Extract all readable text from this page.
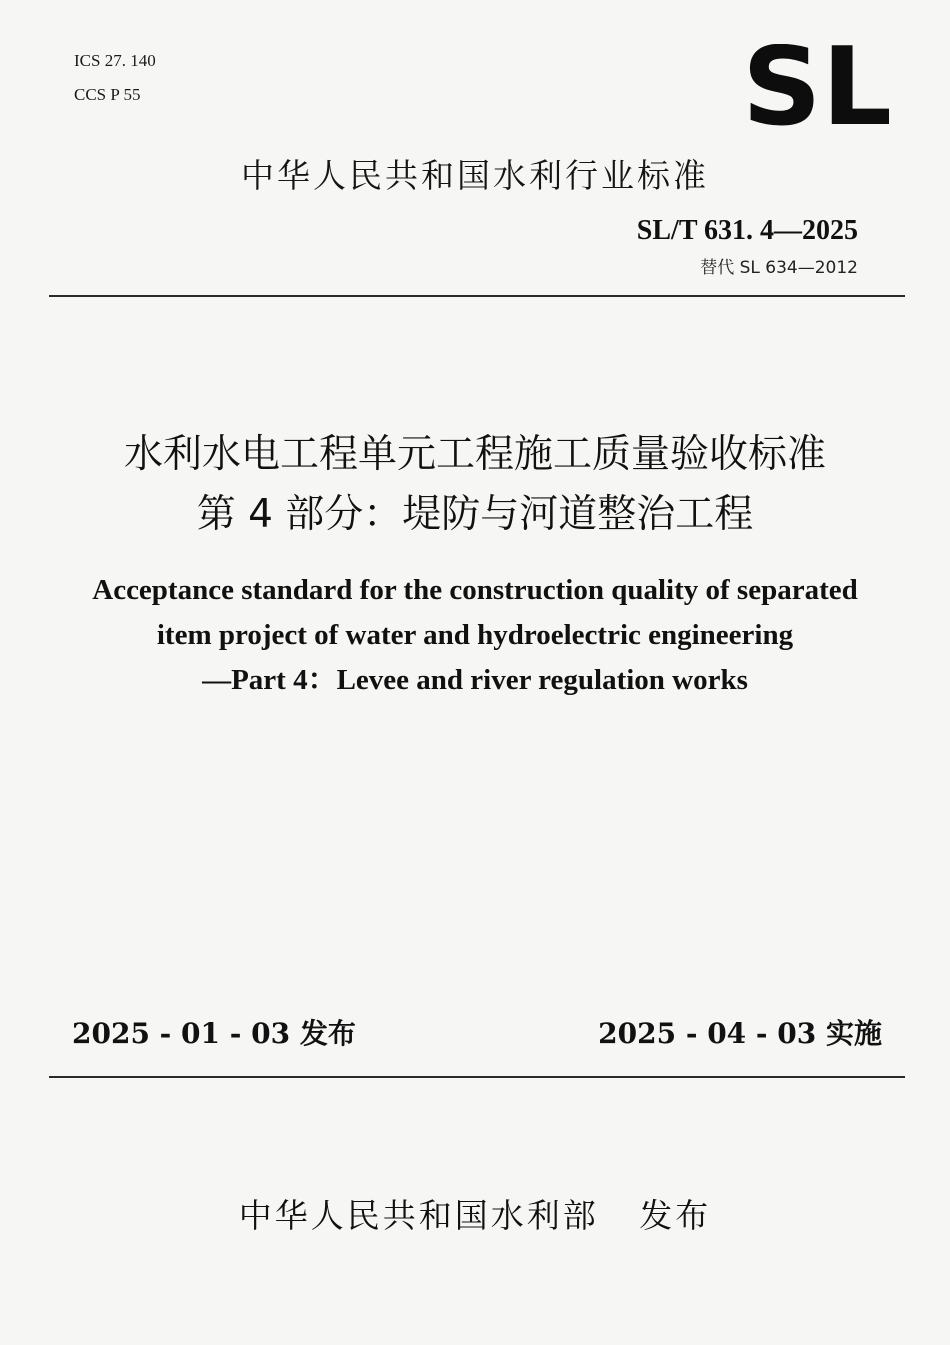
ICS 27. 140
CCS P 55	SL
中华人民共和国水利行业标准
SL/T 631. 4—2025
替代 SL 634—2012
水利水电工程单元工程施工质量验收标准
第 4 部分：堤防与河道整治工程
Acceptance standard for the construction quality of separated
item project of water and hydroelectric engineering
—Part 4：Levee and river regulation works
2025 - 01 - 03 发布	2025 - 04 - 03 实施
中华人民共和国水利部   发布
